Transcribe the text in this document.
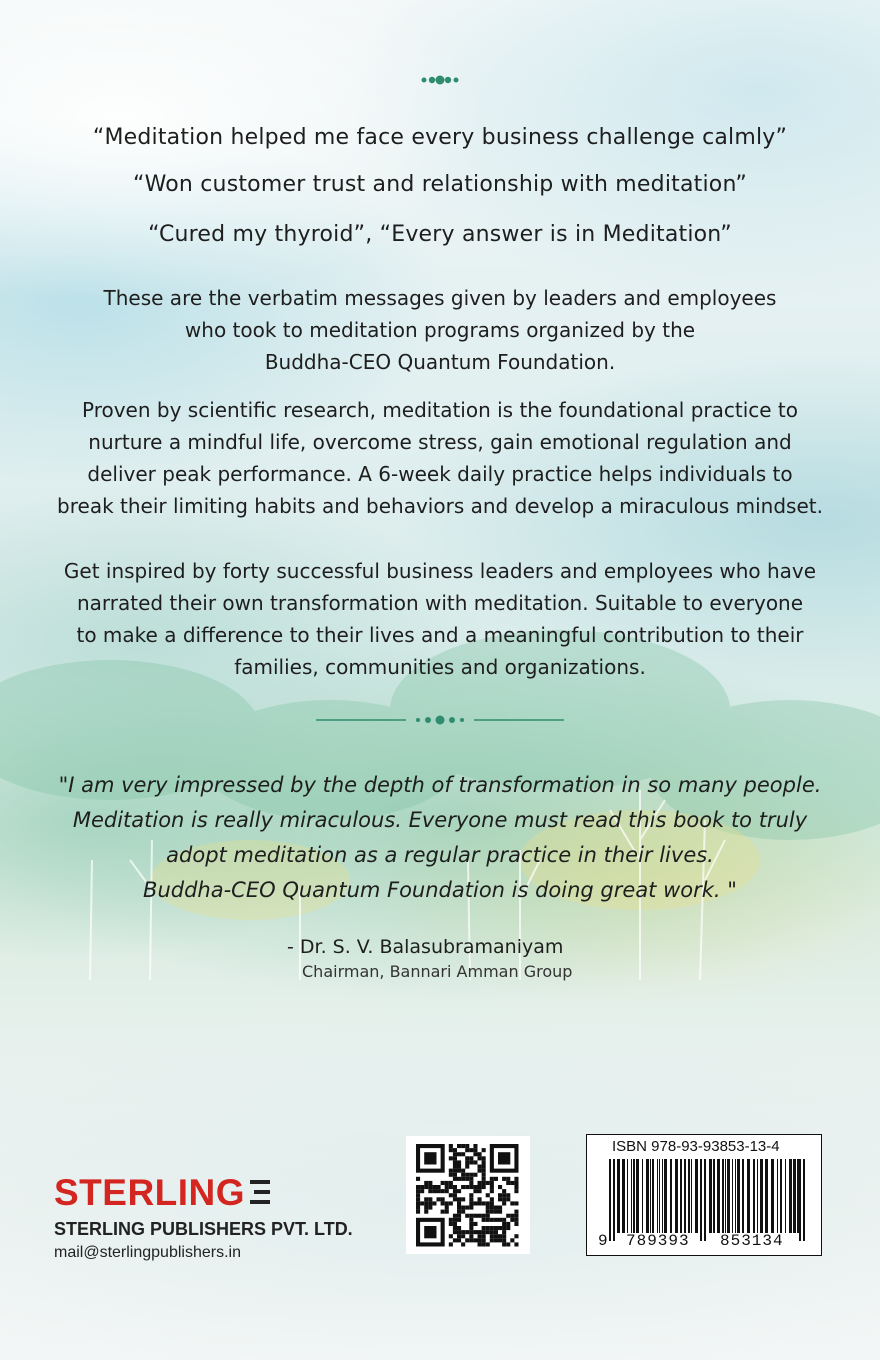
“Meditation helped me face every business challenge calmly”
“Won customer trust and relationship with meditation”
“Cured my thyroid”, “Every answer is in Meditation”
These are the verbatim messages given by leaders and employees
who took to meditation programs organized by the
Buddha-CEO Quantum Foundation.
Proven by scientific research, meditation is the foundational practice to
nurture a mindful life, overcome stress, gain emotional regulation and
deliver peak performance. A 6-week daily practice helps individuals to
break their limiting habits and behaviors and develop a miraculous mindset.
Get inspired by forty successful business leaders and employees who have
narrated their own transformation with meditation. Suitable to everyone
to make a difference to their lives and a meaningful contribution to their
families, communities and organizations.
"I am very impressed by the depth of transformation in so many people.
Meditation is really miraculous. Everyone must read this book to truly
adopt meditation as a regular practice in their lives.
Buddha-CEO Quantum Foundation is doing great work. "
- Dr. S. V. Balasubramaniyam
Chairman, Bannari Amman Group
STERLING
STERLING PUBLISHERS PVT. LTD.
mail@sterlingpublishers.in
ISBN 978-93-93853-13-4
9 789393 853134
